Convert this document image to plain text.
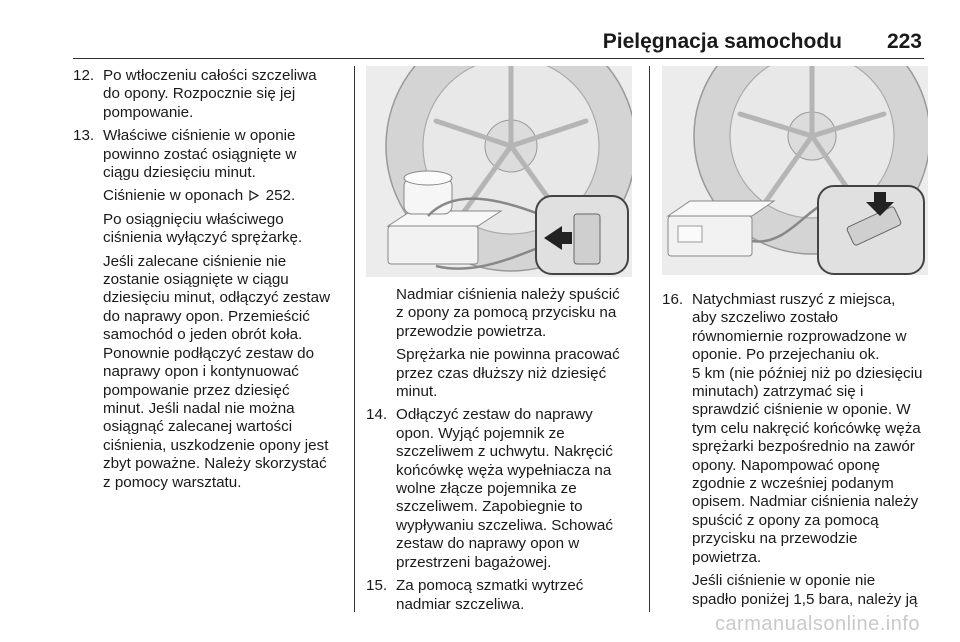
Pielęgnacja samochodu 223
12. Po wtłoczeniu całości szczeliwa
do opony. Rozpocznie się jej
pompowanie.
13. Właściwe ciśnienie w oponie
powinno zostać osiągnięte w
ciągu dziesięciu minut.

Ciśnienie w oponach 252.

Po osiągnięciu właściwego
ciśnienia wyłączyć sprężarkę.

Jeśli zalecane ciśnienie nie
zostanie osiągnięte w ciągu
dziesięciu minut, odłączyć zestaw
do naprawy opon. Przemieścić
samochód o jeden obrót koła.
Ponownie podłączyć zestaw do
naprawy opon i kontynuować
pompowanie przez dziesięć
minut. Jeśli nadal nie można
osiągnąć zalecanej wartości
ciśnienia, uszkodzenie opony jest
zbyt poważne. Należy skorzystać
z pomocy warsztatu.

Nadmiar ciśnienia należy spuścić
z opony za pomocą przycisku na
przewodzie powietrza.

Sprężarka nie powinna pracować
przez czas dłuższy niż dziesięć
minut.

14. Odłączyć zestaw do naprawy
opon. Wyjąć pojemnik ze
szczeliwem z uchwytu. Nakręcić
końcówkę węża wypełniacza na
wolne złącze pojemnika ze
szczeliwem. Zapobiegnie to
wypływaniu szczeliwa. Schować
zestaw do naprawy opon w
przestrzeni bagażowej.
15. Za pomocą szmatki wytrzeć
nadmiar szczeliwa.
16. Natychmiast ruszyć z miejsca,
aby szczeliwo zostało
równomiernie rozprowadzone w
oponie. Po przejechaniu ok.
5 km (nie później niż po dziesięciu
minutach) zatrzymać się i
sprawdzić ciśnienie w oponie. W
tym celu nakręcić końcówkę węża
sprężarki bezpośrednio na zawór
opony. Napompować oponę
zgodnie z wcześniej podanym
opisem. Nadmiar ciśnienia należy
spuścić z opony za pomocą
przycisku na przewodzie
powietrza.

Jeśli ciśnienie w oponie nie
spadło poniżej 1,5 bara, należy ją

carmanualsonline.info
